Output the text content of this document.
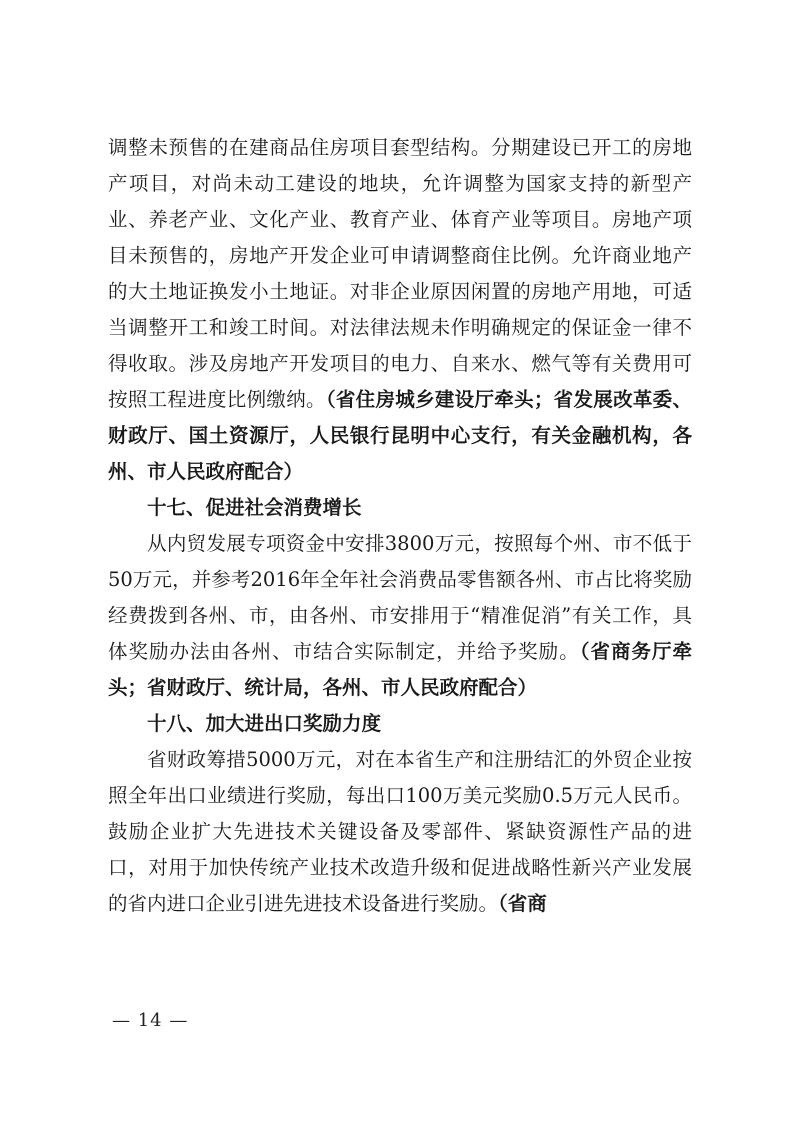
调整未预售的在建商品住房项目套型结构。分期建设已开工的房地产项目，对尚未动工建设的地块，允许调整为国家支持的新型产业、养老产业、文化产业、教育产业、体育产业等项目。房地产项目未预售的，房地产开发企业可申请调整商住比例。允许商业地产的大土地证换发小土地证。对非企业原因闲置的房地产用地，可适当调整开工和竣工时间。对法律法规未作明确规定的保证金一律不得收取。涉及房地产开发项目的电力、自来水、燃气等有关费用可按照工程进度比例缴纳。（省住房城乡建设厅牵头；省发展改革委、财政厅、国土资源厅，人民银行昆明中心支行，有关金融机构，各州、市人民政府配合）

十七、促进社会消费增长

从内贸发展专项资金中安排3800万元，按照每个州、市不低于50万元，并参考2016年全年社会消费品零售额各州、市占比将奖励经费拨到各州、市，由各州、市安排用于“精准促消”有关工作，具体奖励办法由各州、市结合实际制定，并给予奖励。（省商务厅牵头；省财政厅、统计局，各州、市人民政府配合）

十八、加大进出口奖励力度

省财政筹措5000万元，对在本省生产和注册结汇的外贸企业按照全年出口业绩进行奖励，每出口100万美元奖励0.5万元人民币。鼓励企业扩大先进技术关键设备及零部件、紧缺资源性产品的进口，对用于加快传统产业技术改造升级和促进战略性新兴产业发展的省内进口企业引进先进技术设备进行奖励。（省商

— 14 —
